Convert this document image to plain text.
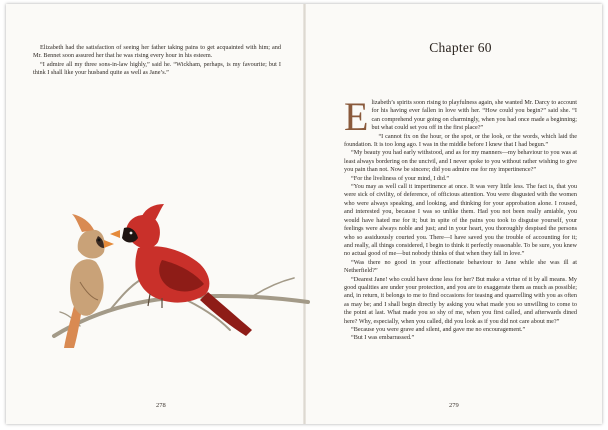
Elizabeth had the satisfaction of seeing her father taking pains to get acquainted with him; and Mr. Bennet soon assured her that he was rising every hour in his esteem.

“I admire all my three sons-in-law highly,” said he. “Wickham, perhaps, is my favourite; but I think I shall like your husband quite as well as Jane’s.”

278
Chapter 60

Elizabeth’s spirits soon rising to playfulness again, she wanted Mr. Darcy to account for his having ever fallen in love with her. “How could you begin?” said she. “I can comprehend your going on charmingly, when you had once made a beginning; but what could set you off in the first place?”

“I cannot fix on the hour, or the spot, or the look, or the words, which laid the foundation. It is too long ago. I was in the middle before I knew that I had begun.”

“My beauty you had early withstood, and as for my manners—my behaviour to you was at least always bordering on the uncivil, and I never spoke to you without rather wishing to give you pain than not. Now be sincere; did you admire me for my impertinence?”

“For the liveliness of your mind, I did.”

“You may as well call it impertinence at once. It was very little less. The fact is, that you were sick of civility, of deference, of officious attention. You were disgusted with the women who were always speaking, and looking, and thinking for your approbation alone. I roused, and interested you, because I was so unlike them. Had you not been really amiable, you would have hated me for it; but in spite of the pains you took to disguise yourself, your feelings were always noble and just; and in your heart, you thoroughly despised the persons who so assiduously courted you. There—I have saved you the trouble of accounting for it; and really, all things considered, I begin to think it perfectly reasonable. To be sure, you knew no actual good of me—but nobody thinks of that when they fall in love.”

“Was there no good in your affectionate behaviour to Jane while she was ill at Netherfield?”

“Dearest Jane! who could have done less for her? But make a virtue of it by all means. My good qualities are under your protection, and you are to exaggerate them as much as possible; and, in return, it belongs to me to find occasions for teasing and quarrelling with you as often as may be; and I shall begin directly by asking you what made you so unwilling to come to the point at last. What made you so shy of me, when you first called, and afterwards dined here? Why, especially, when you called, did you look as if you did not care about me?”

“Because you were grave and silent, and gave me no encouragement.”

“But I was embarrassed.”

279
